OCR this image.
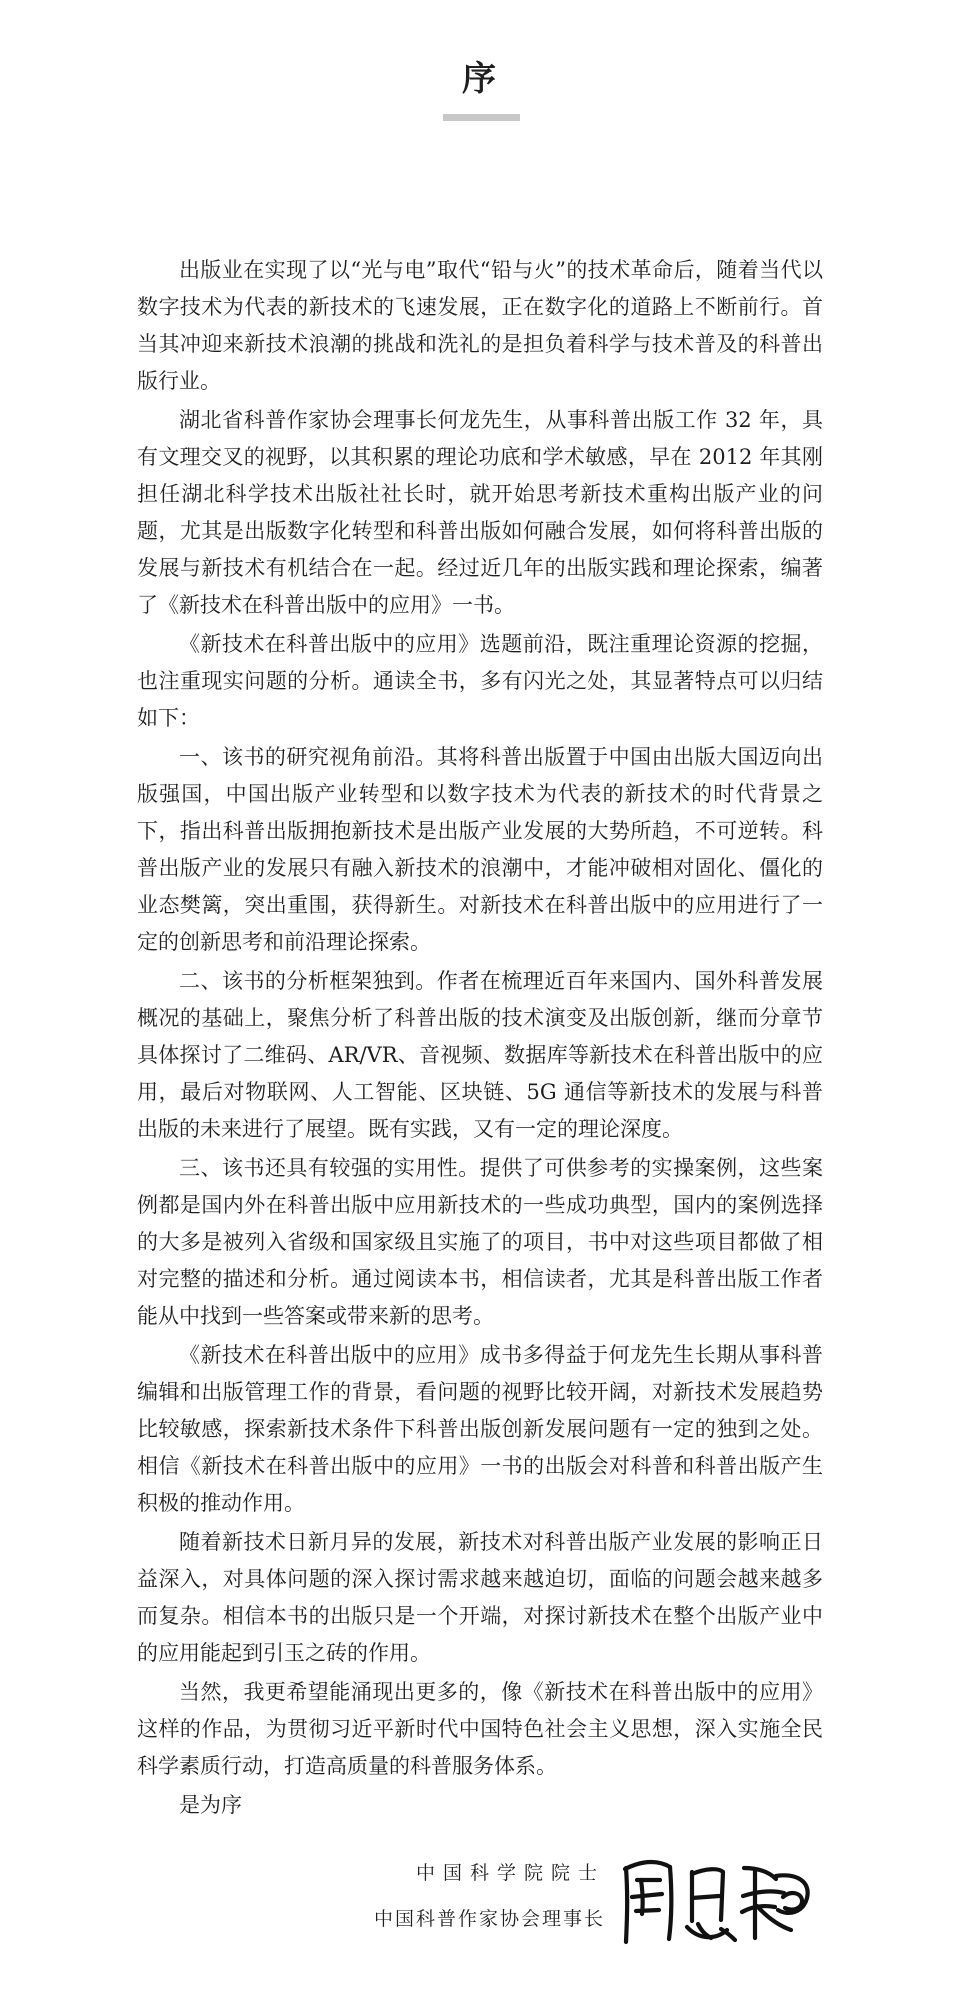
序

出版业在实现了以“光与电”取代“铅与火”的技术革命后，随着当代以数字技术为代表的新技术的飞速发展，正在数字化的道路上不断前行。首当其冲迎来新技术浪潮的挑战和洗礼的是担负着科学与技术普及的科普出版行业。

湖北省科普作家协会理事长何龙先生，从事科普出版工作 32 年，具有文理交叉的视野，以其积累的理论功底和学术敏感，早在 2012 年其刚担任湖北科学技术出版社社长时，就开始思考新技术重构出版产业的问题，尤其是出版数字化转型和科普出版如何融合发展，如何将科普出版的发展与新技术有机结合在一起。经过近几年的出版实践和理论探索，编著了《新技术在科普出版中的应用》一书。

《新技术在科普出版中的应用》选题前沿，既注重理论资源的挖掘，也注重现实问题的分析。通读全书，多有闪光之处，其显著特点可以归结如下：

一、该书的研究视角前沿。其将科普出版置于中国由出版大国迈向出版强国，中国出版产业转型和以数字技术为代表的新技术的时代背景之下，指出科普出版拥抱新技术是出版产业发展的大势所趋，不可逆转。科普出版产业的发展只有融入新技术的浪潮中，才能冲破相对固化、僵化的业态樊篱，突出重围，获得新生。对新技术在科普出版中的应用进行了一定的创新思考和前沿理论探索。

二、该书的分析框架独到。作者在梳理近百年来国内、国外科普发展概况的基础上，聚焦分析了科普出版的技术演变及出版创新，继而分章节具体探讨了二维码、AR/VR、音视频、数据库等新技术在科普出版中的应用，最后对物联网、人工智能、区块链、5G 通信等新技术的发展与科普出版的未来进行了展望。既有实践，又有一定的理论深度。

三、该书还具有较强的实用性。提供了可供参考的实操案例，这些案例都是国内外在科普出版中应用新技术的一些成功典型，国内的案例选择的大多是被列入省级和国家级且实施了的项目，书中对这些项目都做了相对完整的描述和分析。通过阅读本书，相信读者，尤其是科普出版工作者能从中找到一些答案或带来新的思考。

《新技术在科普出版中的应用》成书多得益于何龙先生长期从事科普编辑和出版管理工作的背景，看问题的视野比较开阔，对新技术发展趋势比较敏感，探索新技术条件下科普出版创新发展问题有一定的独到之处。相信《新技术在科普出版中的应用》一书的出版会对科普和科普出版产生积极的推动作用。

随着新技术日新月异的发展，新技术对科普出版产业发展的影响正日益深入，对具体问题的深入探讨需求越来越迫切，面临的问题会越来越多而复杂。相信本书的出版只是一个开端，对探讨新技术在整个出版产业中的应用能起到引玉之砖的作用。

当然，我更希望能涌现出更多的，像《新技术在科普出版中的应用》这样的作品，为贯彻习近平新时代中国特色社会主义思想，深入实施全民科学素质行动，打造高质量的科普服务体系。

是为序

中国科学院院士
中国科普作家协会理事长
